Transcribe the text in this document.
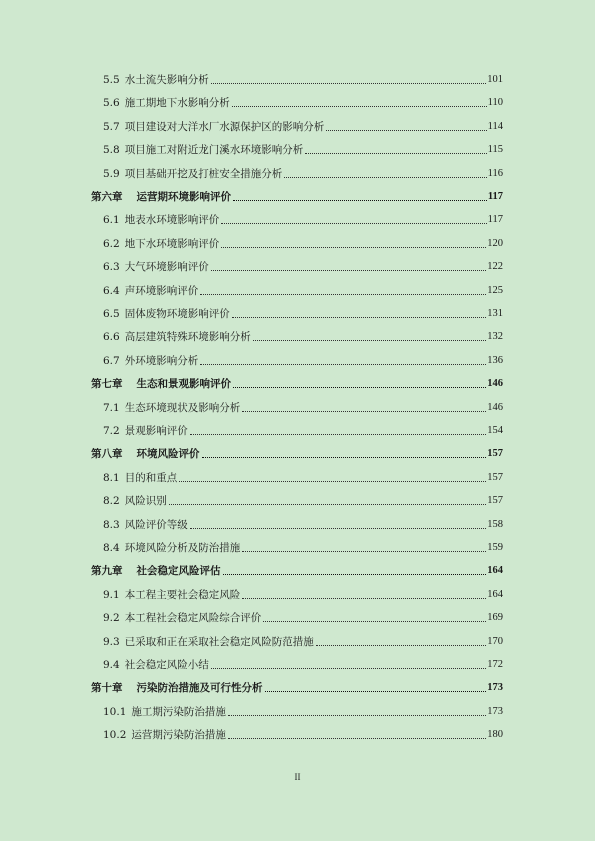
5.5 水土流失影响分析	101
5.6 施工期地下水影响分析	110
5.7 项目建设对大洋水厂水源保护区的影响分析	114
5.8 项目施工对附近龙门溪水环境影响分析	115
5.9 项目基础开挖及打桩安全措施分析	116
第六章 运营期环境影响评价	117
6.1 地表水环境影响评价	117
6.2 地下水环境影响评价	120
6.3 大气环境影响评价	122
6.4 声环境影响评价	125
6.5 固体废物环境影响评价	131
6.6 高层建筑特殊环境影响分析	132
6.7 外环境影响分析	136
第七章 生态和景观影响评价	146
7.1 生态环境现状及影响分析	146
7.2 景观影响评价	154
第八章 环境风险评价	157
8.1 目的和重点	157
8.2 风险识别	157
8.3 风险评价等级	158
8.4 环境风险分析及防治措施	159
第九章 社会稳定风险评估	164
9.1 本工程主要社会稳定风险	164
9.2 本工程社会稳定风险综合评价	169
9.3 已采取和正在采取社会稳定风险防范措施	170
9.4 社会稳定风险小结	172
第十章 污染防治措施及可行性分析	173
10.1 施工期污染防治措施	173
10.2 运营期污染防治措施	180
II
